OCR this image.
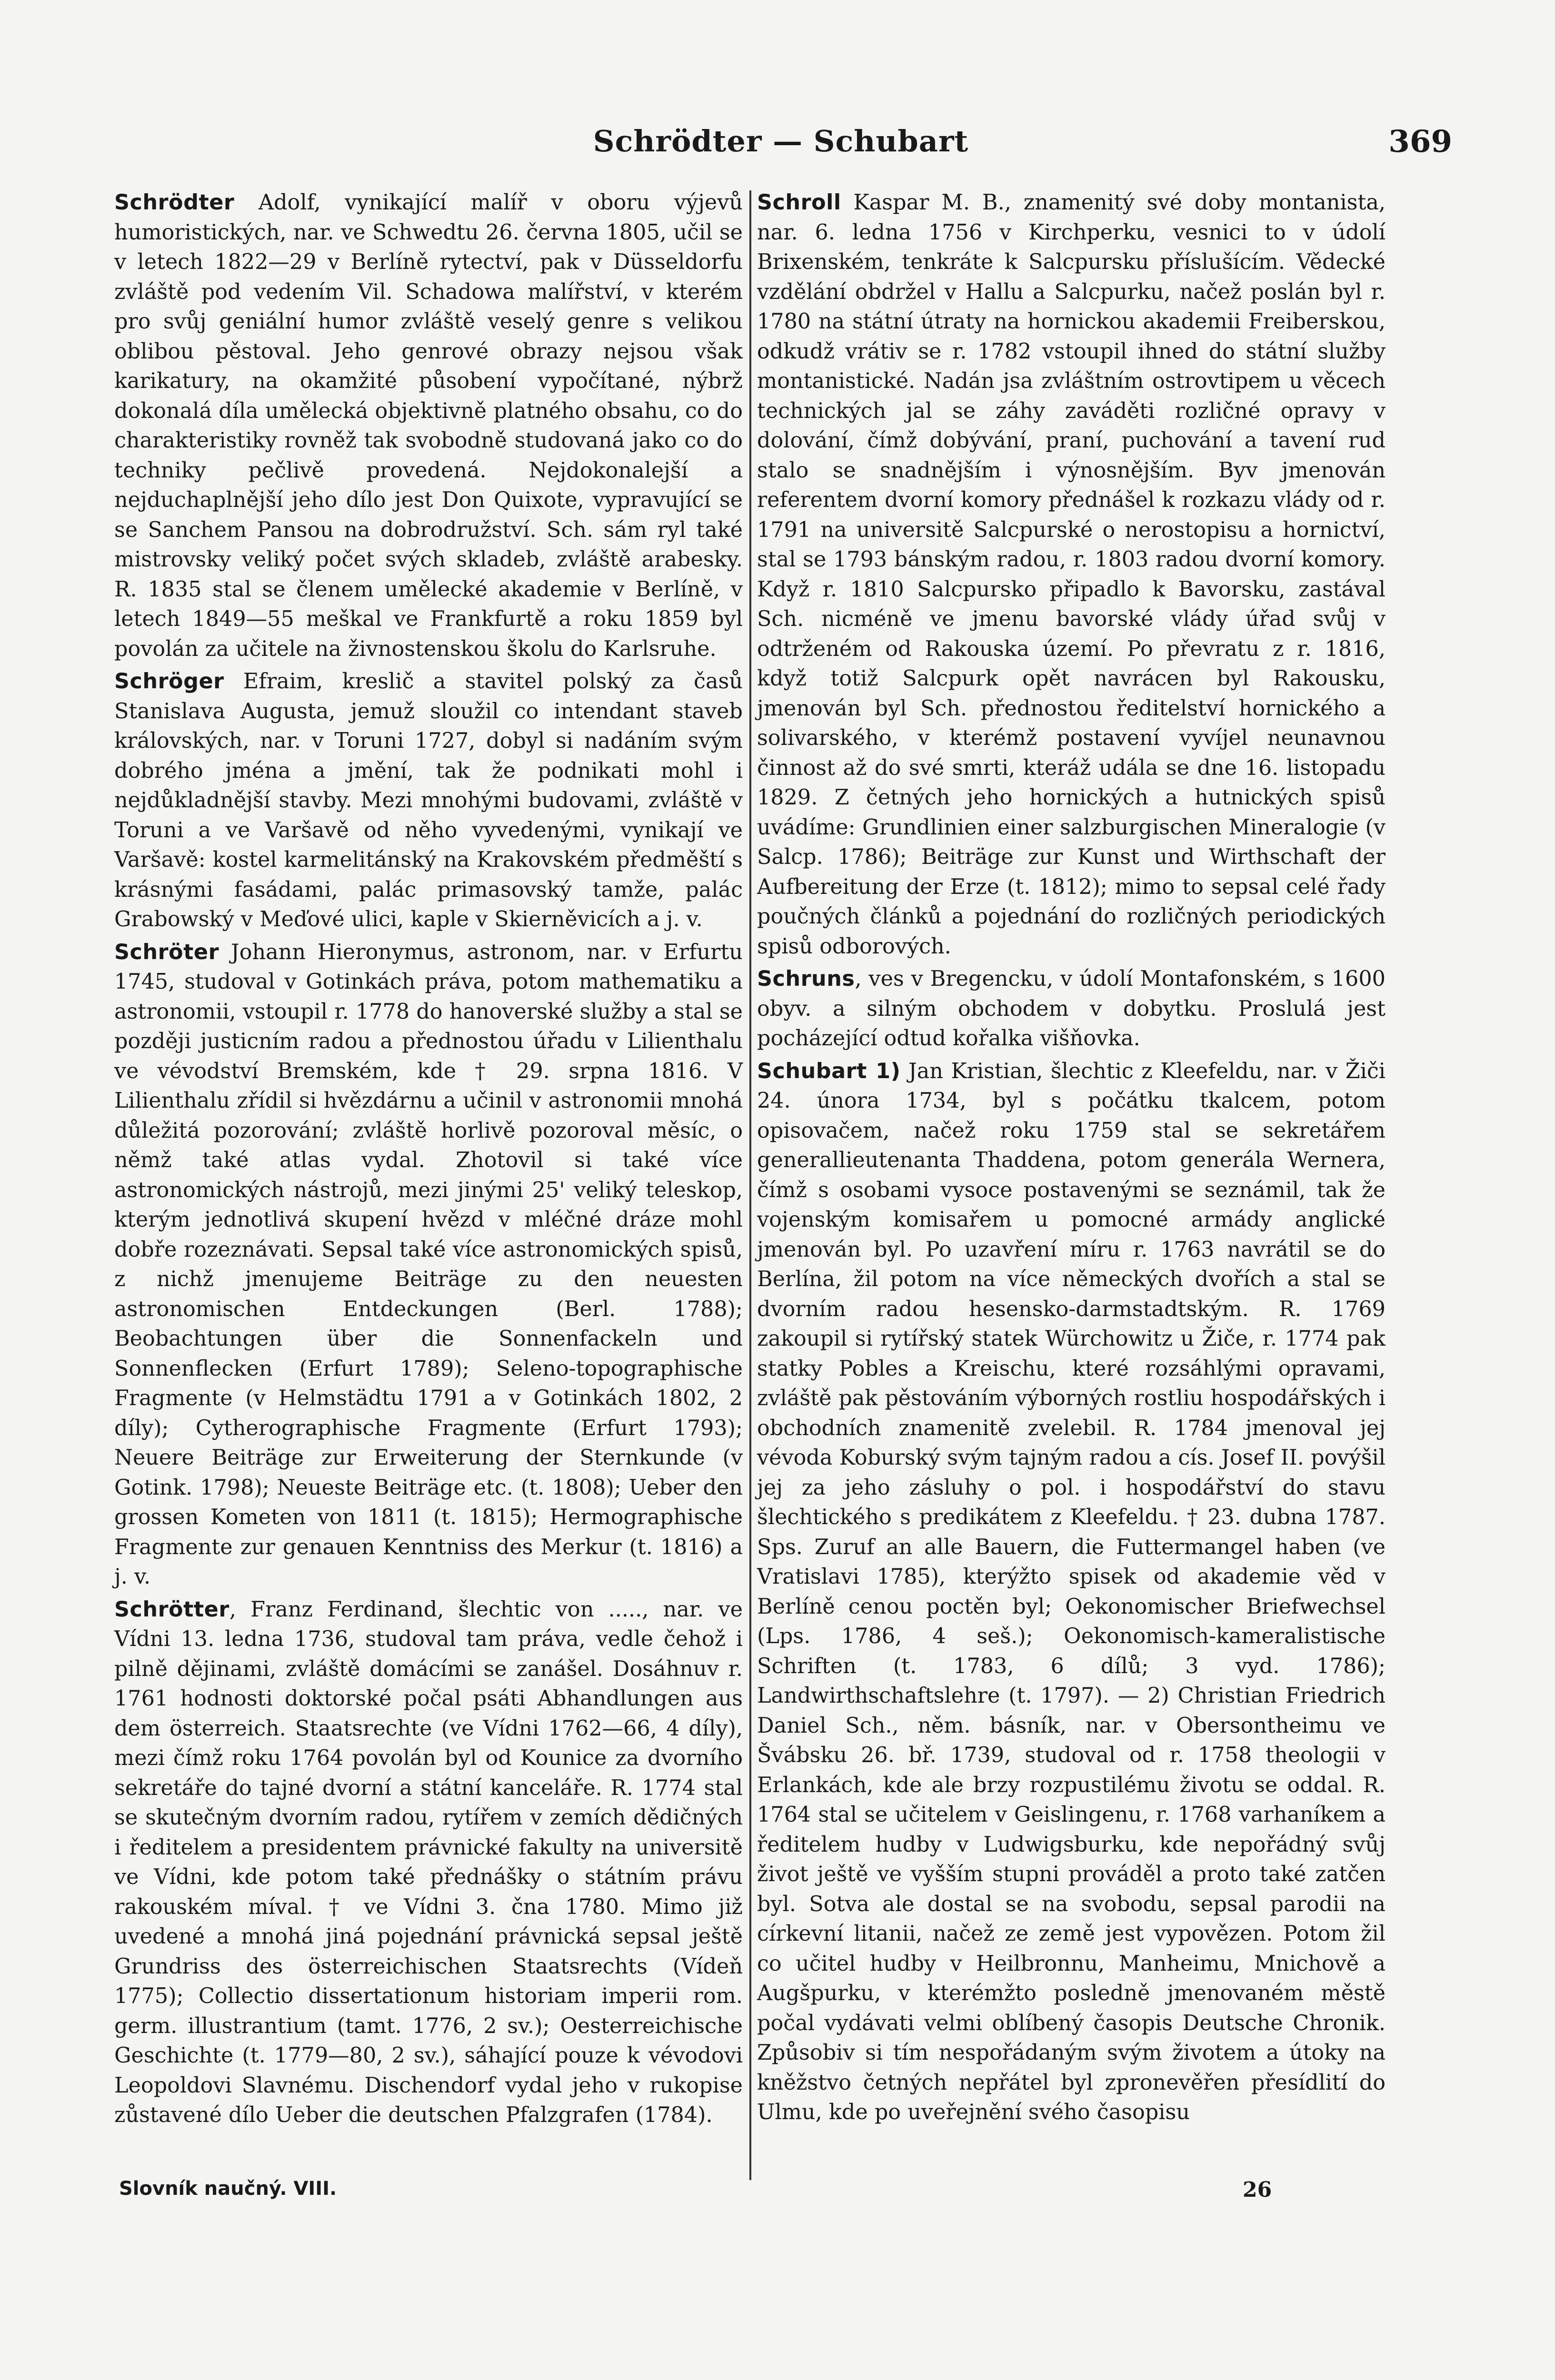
Schrödter — Schubart	369

Schrödter Adolf, vynikající malíř v oboru výjevů humoristických, nar. ve Schwedtu 26. června 1805, učil se v letech 1822—29 v Berlíně rytectví, pak v Düsseldorfu zvláště pod vedením Vil. Schadowa malířství, v kterém pro svůj geniální humor zvláště veselý genre s velikou oblibou pěstoval. Jeho genrové obrazy nejsou však karikatury, na okamžité působení vypočítané, nýbrž dokonalá díla umělecká objektivně platného obsahu, co do charakteristiky rovněž tak svobodně studovaná jako co do techniky pečlivě provedená. Nejdokonalejší a nejduchaplnější jeho dílo jest Don Quixote, vypravující se se Sanchem Pansou na dobrodružství. Sch. sám ryl také mistrovsky veliký počet svých skladeb, zvláště arabesky. R. 1835 stal se členem umělecké akademie v Berlíně, v letech 1849—55 meškal ve Frankfurtě a roku 1859 byl povolán za učitele na živnostenskou školu do Karlsruhe.

Schröger Efraim, kreslič a stavitel polský za časů Stanislava Augusta, jemuž sloužil co intendant staveb královských, nar. v Toruni 1727, dobyl si nadáním svým dobrého jména a jmění, tak že podnikati mohl i nejdůkladnější stavby. Mezi mnohými budovami, zvláště v Toruni a ve Varšavě od něho vyvedenými, vynikají ve Varšavě: kostel karmelitánský na Krakovském předměští s krásnými fasádami, palác primasovský tamže, palác Grabowský v Meďové ulici, kaple v Skierněvicích a j. v.

Schröter Johann Hieronymus, astronom, nar. v Erfurtu 1745, studoval v Gotinkách práva, potom mathematiku a astronomii, vstoupil r. 1778 do hanoverské služby a stal se později justicním radou a přednostou úřadu v Lilienthalu ve vévodství Bremském, kde † 29. srpna 1816. V Lilienthalu zřídil si hvězdárnu a učinil v astronomii mnohá důležitá pozorování; zvláště horlivě pozoroval měsíc, o němž také atlas vydal. Zhotovil si také více astronomických nástrojů, mezi jinými 25' veliký teleskop, kterým jednotlivá skupení hvězd v mléčné dráze mohl dobře rozeznávati. Sepsal také více astronomických spisů, z nichž jmenujeme Beiträge zu den neuesten astronomischen Entdeckungen (Berl. 1788); Beobachtungen über die Sonnenfackeln und Sonnenflecken (Erfurt 1789); Seleno-topographische Fragmente (v Helmstädtu 1791 a v Gotinkách 1802, 2 díly); Cytherographische Fragmente (Erfurt 1793); Neuere Beiträge zur Erweiterung der Sternkunde (v Gotink. 1798); Neueste Beiträge etc. (t. 1808); Ueber den grossen Kometen von 1811 (t. 1815); Hermographische Fragmente zur genauen Kenntniss des Merkur (t. 1816) a j. v.

Schrötter, Franz Ferdinand, šlechtic von ....., nar. ve Vídni 13. ledna 1736, studoval tam práva, vedle čehož i pilně dějinami, zvláště domácími se zanášel. Dosáhnuv r. 1761 hodnosti doktorské počal psáti Abhandlungen aus dem österreich. Staatsrechte (ve Vídni 1762—66, 4 díly), mezi čímž roku 1764 povolán byl od Kounice za dvorního sekretáře do tajné dvorní a státní kanceláře. R. 1774 stal se skutečným dvorním radou, rytířem v zemích dědičných i ředitelem a presidentem právnické fakulty na universitě ve Vídni, kde potom také přednášky o státním právu rakouském míval. † ve Vídni 3. čna 1780. Mimo již uvedené a mnohá jiná pojednání právnická sepsal ještě Grundriss des österreichischen Staatsrechts (Vídeň 1775); Collectio dissertationum historiam imperii rom. germ. illustrantium (tamt. 1776, 2 sv.); Oesterreichische Geschichte (t. 1779—80, 2 sv.), sáhající pouze k vévodovi Leopoldovi Slavnému. Dischendorf vydal jeho v rukopise zůstavené dílo Ueber die deutschen Pfalzgrafen (1784).

Schroll Kaspar M. B., znamenitý své doby montanista, nar. 6. ledna 1756 v Kirchperku, vesnici to v údolí Brixenském, tenkráte k Salcpursku příslušícím. Vědecké vzdělání obdržel v Hallu a Salcpurku, načež poslán byl r. 1780 na státní útraty na hornickou akademii Freiberskou, odkudž vrátiv se r. 1782 vstoupil ihned do státní služby montanistické. Nadán jsa zvláštním ostrovtipem u věcech technických jal se záhy zaváděti rozličné opravy v dolování, čímž dobývání, praní, puchování a tavení rud stalo se snadnějším i výnosnějším. Byv jmenován referentem dvorní komory přednášel k rozkazu vlády od r. 1791 na universitě Salcpurské o nerostopisu a hornictví, stal se 1793 bánským radou, r. 1803 radou dvorní komory. Když r. 1810 Salcpursko připadlo k Bavorsku, zastával Sch. nicméně ve jmenu bavorské vlády úřad svůj v odtrženém od Rakouska území. Po převratu z r. 1816, když totiž Salcpurk opět navrácen byl Rakousku, jmenován byl Sch. přednostou ředitelství hornického a solivarského, v kterémž postavení vyvíjel neunavnou činnost až do své smrti, kteráž udála se dne 16. listopadu 1829. Z četných jeho hornických a hutnických spisů uvádíme: Grundlinien einer salzburgischen Mineralogie (v Salcp. 1786); Beiträge zur Kunst und Wirthschaft der Aufbereitung der Erze (t. 1812); mimo to sepsal celé řady poučných článků a pojednání do rozličných periodických spisů odborových.

Schruns, ves v Bregencku, v údolí Montafonském, s 1600 obyv. a silným obchodem v dobytku. Proslulá jest pocházející odtud kořalka višňovka.

Schubart 1) Jan Kristian, šlechtic z Kleefeldu, nar. v Žiči 24. února 1734, byl s počátku tkalcem, potom opisovačem, načež roku 1759 stal se sekretářem generallieutenanta Thaddena, potom generála Wernera, čímž s osobami vysoce postavenými se seznámil, tak že vojenským komisařem u pomocné armády anglické jmenován byl. Po uzavření míru r. 1763 navrátil se do Berlína, žil potom na více německých dvořích a stal se dvorním radou hesensko-darmstadtským. R. 1769 zakoupil si rytířský statek Würchowitz u Žiče, r. 1774 pak statky Pobles a Kreischu, které rozsáhlými opravami, zvláště pak pěstováním výborných rostliu hospodářských i obchodních znamenitě zvelebil. R. 1784 jmenoval jej vévoda Koburský svým tajným radou a cís. Josef II. povýšil jej za jeho zásluhy o pol. i hospodářství do stavu šlechtického s predikátem z Kleefeldu. † 23. dubna 1787. Sps. Zuruf an alle Bauern, die Futtermangel haben (ve Vratislavi 1785), kterýžto spisek od akademie věd v Berlíně cenou poctěn byl; Oekonomischer Briefwechsel (Lps. 1786, 4 seš.); Oekonomisch-kameralistische Schriften (t. 1783, 6 dílů; 3 vyd. 1786); Landwirthschaftslehre (t. 1797). — 2) Christian Friedrich Daniel Sch., něm. básník, nar. v Obersontheimu ve Švábsku 26. bř. 1739, studoval od r. 1758 theologii v Erlankách, kde ale brzy rozpustilému životu se oddal. R. 1764 stal se učitelem v Geislingenu, r. 1768 varhaníkem a ředitelem hudby v Ludwigsburku, kde nepořádný svůj život ještě ve vyšším stupni prováděl a proto také zatčen byl. Sotva ale dostal se na svobodu, sepsal parodii na církevní litanii, načež ze země jest vypovězen. Potom žil co učitel hudby v Heilbronnu, Manheimu, Mnichově a Augšpurku, v kterémžto posledně jmenovaném městě počal vydávati velmi oblíbený časopis Deutsche Chronik. Způsobiv si tím nespořádaným svým životem a útoky na kněžstvo četných nepřátel byl zpronevěřen přesídlití do Ulmu, kde po uveřejnění svého časopisu

Slovník naučný. VIII.	26
